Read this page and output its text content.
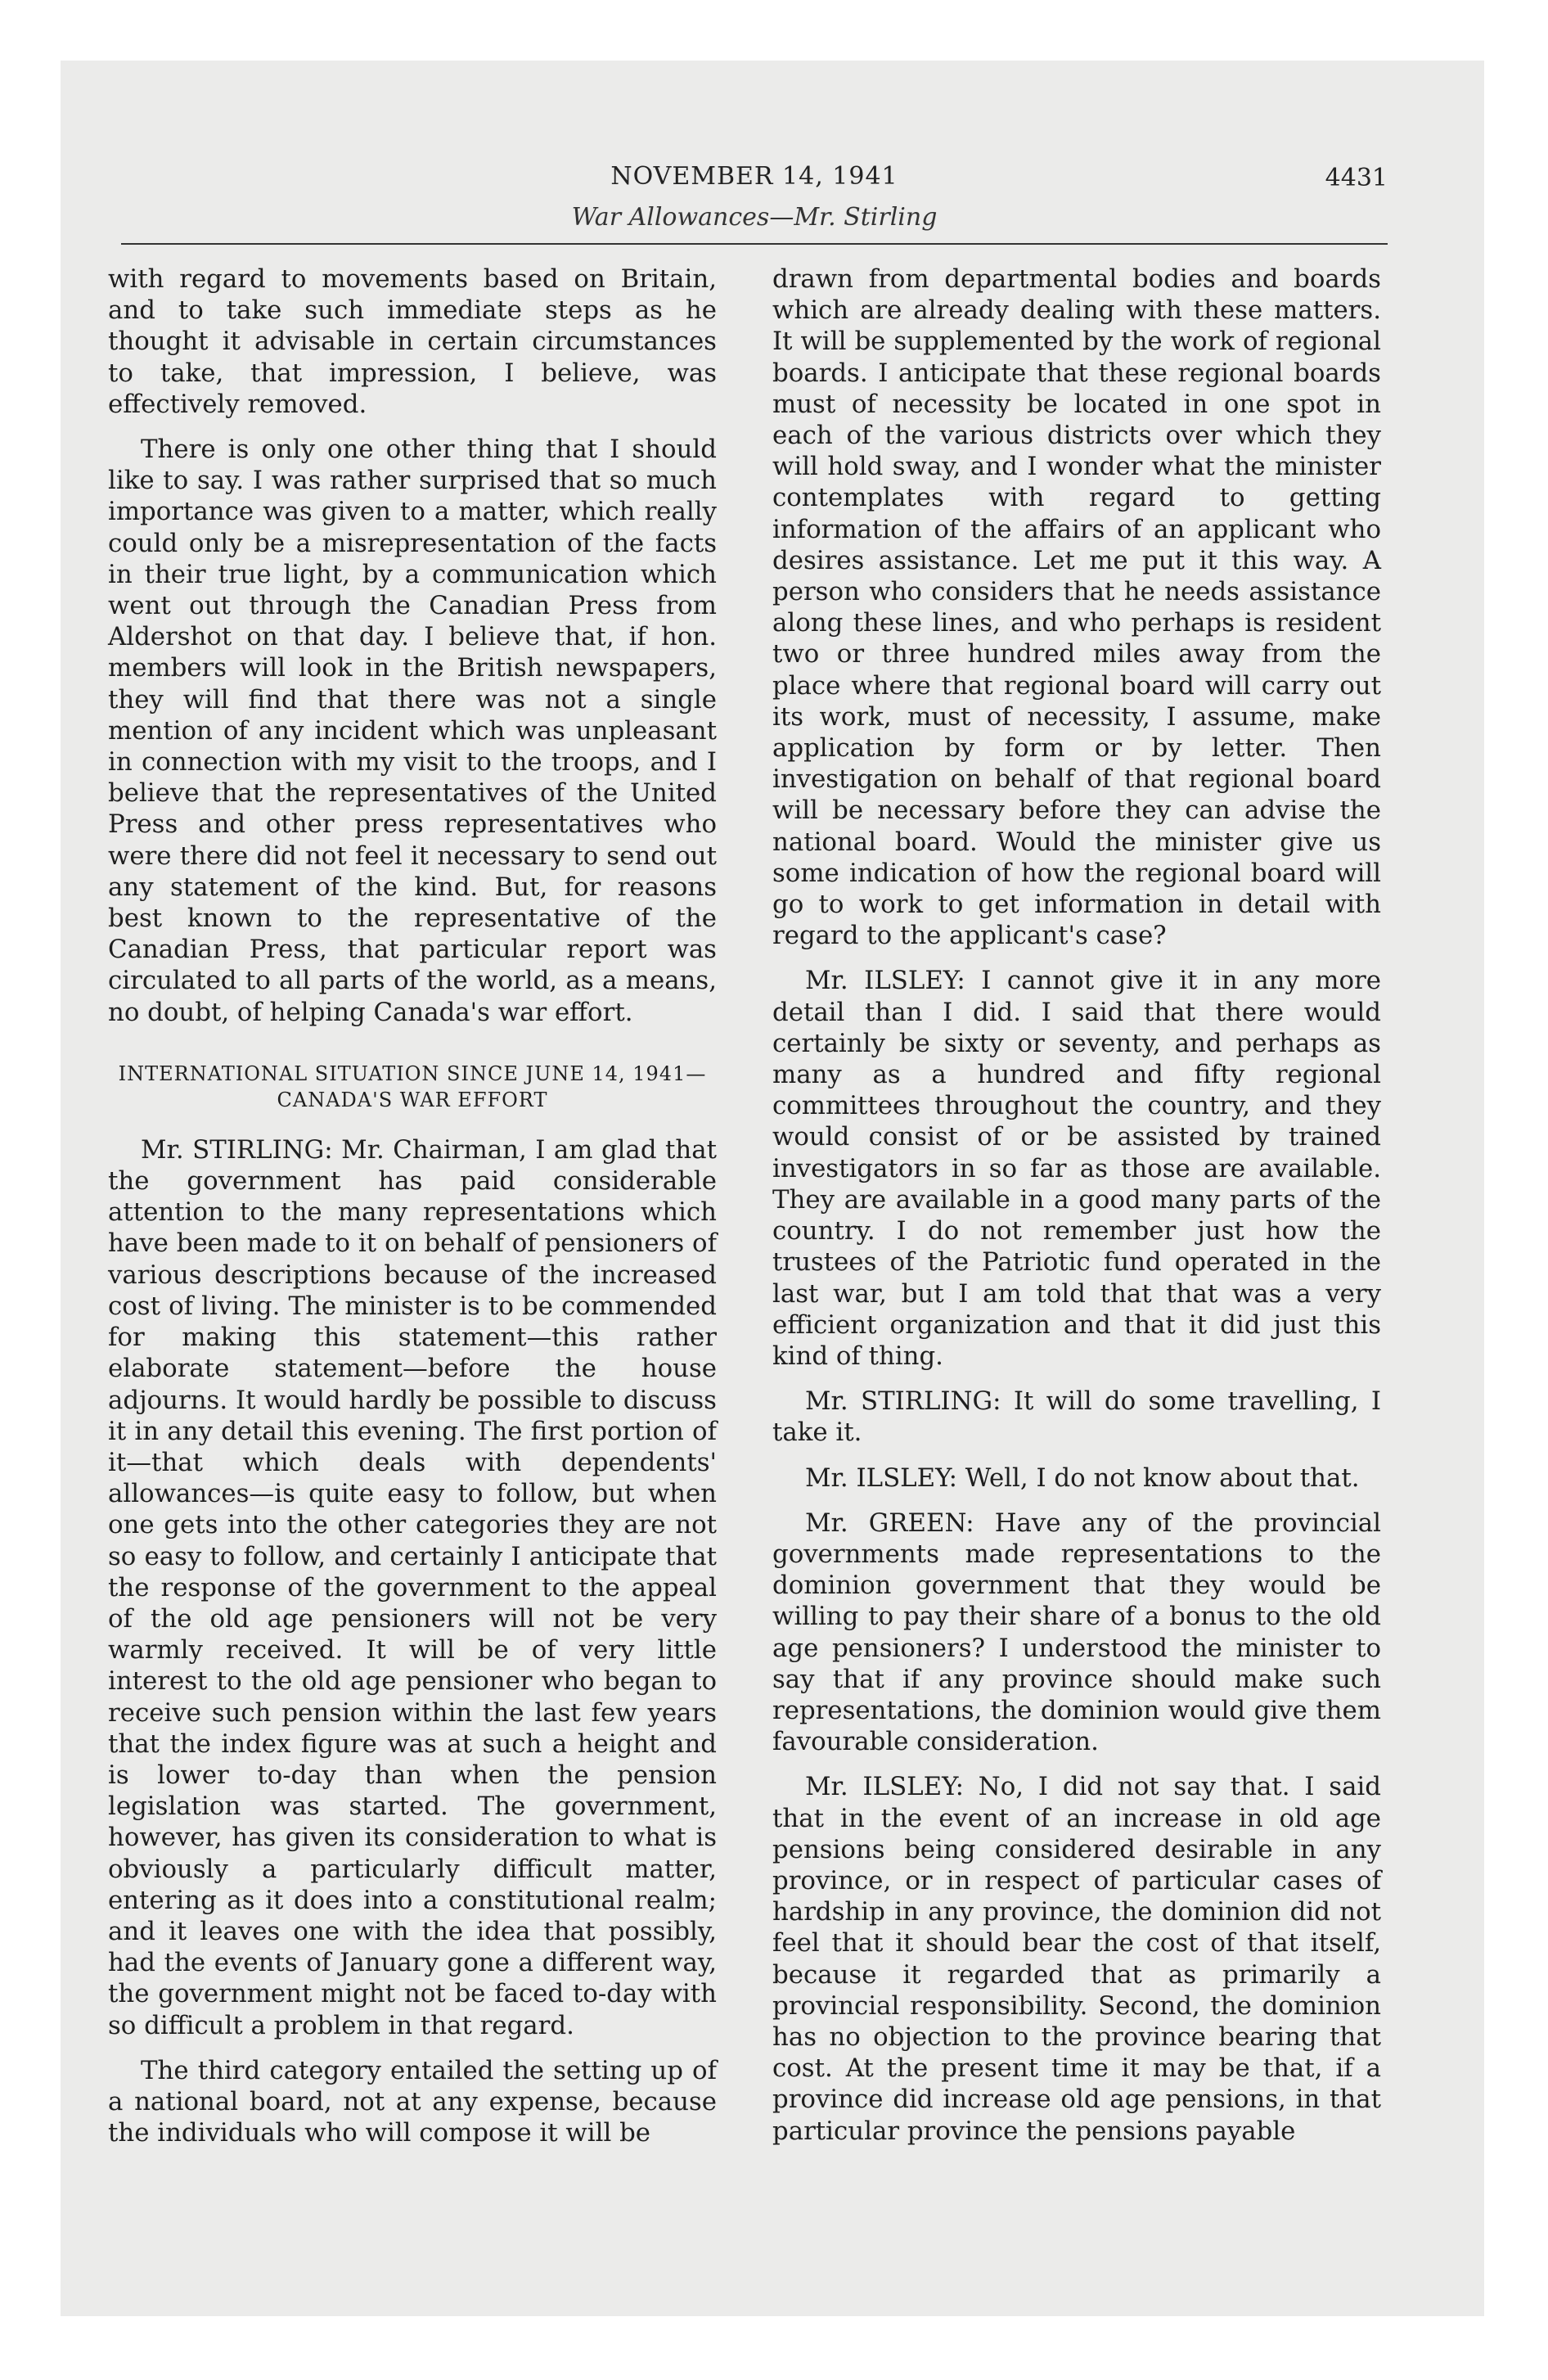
NOVEMBER 14, 1941	4431
War Allowances—Mr. Stirling

with regard to movements based on Britain, and to take such immediate steps as he thought it advisable in certain circumstances to take, that impression, I believe, was effectively removed.

There is only one other thing that I should like to say. I was rather surprised that so much importance was given to a matter, which really could only be a misrepresentation of the facts in their true light, by a communication which went out through the Canadian Press from Aldershot on that day. I believe that, if hon. members will look in the British newspapers, they will find that there was not a single mention of any incident which was unpleasant in connection with my visit to the troops, and I believe that the representatives of the United Press and other press representatives who were there did not feel it necessary to send out any statement of the kind. But, for reasons best known to the representative of the Canadian Press, that particular report was circulated to all parts of the world, as a means, no doubt, of helping Canada's war effort.

INTERNATIONAL SITUATION SINCE JUNE 14, 1941—
CANADA'S WAR EFFORT

Mr. STIRLING: Mr. Chairman, I am glad that the government has paid considerable attention to the many representations which have been made to it on behalf of pensioners of various descriptions because of the increased cost of living. The minister is to be commended for making this statement—this rather elaborate statement—before the house adjourns. It would hardly be possible to discuss it in any detail this evening. The first portion of it—that which deals with dependents' allowances—is quite easy to follow, but when one gets into the other categories they are not so easy to follow, and certainly I anticipate that the response of the government to the appeal of the old age pensioners will not be very warmly received. It will be of very little interest to the old age pensioner who began to receive such pension within the last few years that the index figure was at such a height and is lower to-day than when the pension legislation was started. The government, however, has given its consideration to what is obviously a particularly difficult matter, entering as it does into a constitutional realm; and it leaves one with the idea that possibly, had the events of January gone a different way, the government might not be faced to-day with so difficult a problem in that regard.

The third category entailed the setting up of a national board, not at any expense, because the individuals who will compose it will be

drawn from departmental bodies and boards which are already dealing with these matters. It will be supplemented by the work of regional boards. I anticipate that these regional boards must of necessity be located in one spot in each of the various districts over which they will hold sway, and I wonder what the minister contemplates with regard to getting information of the affairs of an applicant who desires assistance. Let me put it this way. A person who considers that he needs assistance along these lines, and who perhaps is resident two or three hundred miles away from the place where that regional board will carry out its work, must of necessity, I assume, make application by form or by letter. Then investigation on behalf of that regional board will be necessary before they can advise the national board. Would the minister give us some indication of how the regional board will go to work to get information in detail with regard to the applicant's case?

Mr. ILSLEY: I cannot give it in any more detail than I did. I said that there would certainly be sixty or seventy, and perhaps as many as a hundred and fifty regional committees throughout the country, and they would consist of or be assisted by trained investigators in so far as those are available. They are available in a good many parts of the country. I do not remember just how the trustees of the Patriotic fund operated in the last war, but I am told that that was a very efficient organization and that it did just this kind of thing.

Mr. STIRLING: It will do some travelling, I take it.

Mr. ILSLEY: Well, I do not know about that.

Mr. GREEN: Have any of the provincial governments made representations to the dominion government that they would be willing to pay their share of a bonus to the old age pensioners? I understood the minister to say that if any province should make such representations, the dominion would give them favourable consideration.

Mr. ILSLEY: No, I did not say that. I said that in the event of an increase in old age pensions being considered desirable in any province, or in respect of particular cases of hardship in any province, the dominion did not feel that it should bear the cost of that itself, because it regarded that as primarily a provincial responsibility. Second, the dominion has no objection to the province bearing that cost. At the present time it may be that, if a province did increase old age pensions, in that particular province the pensions payable
